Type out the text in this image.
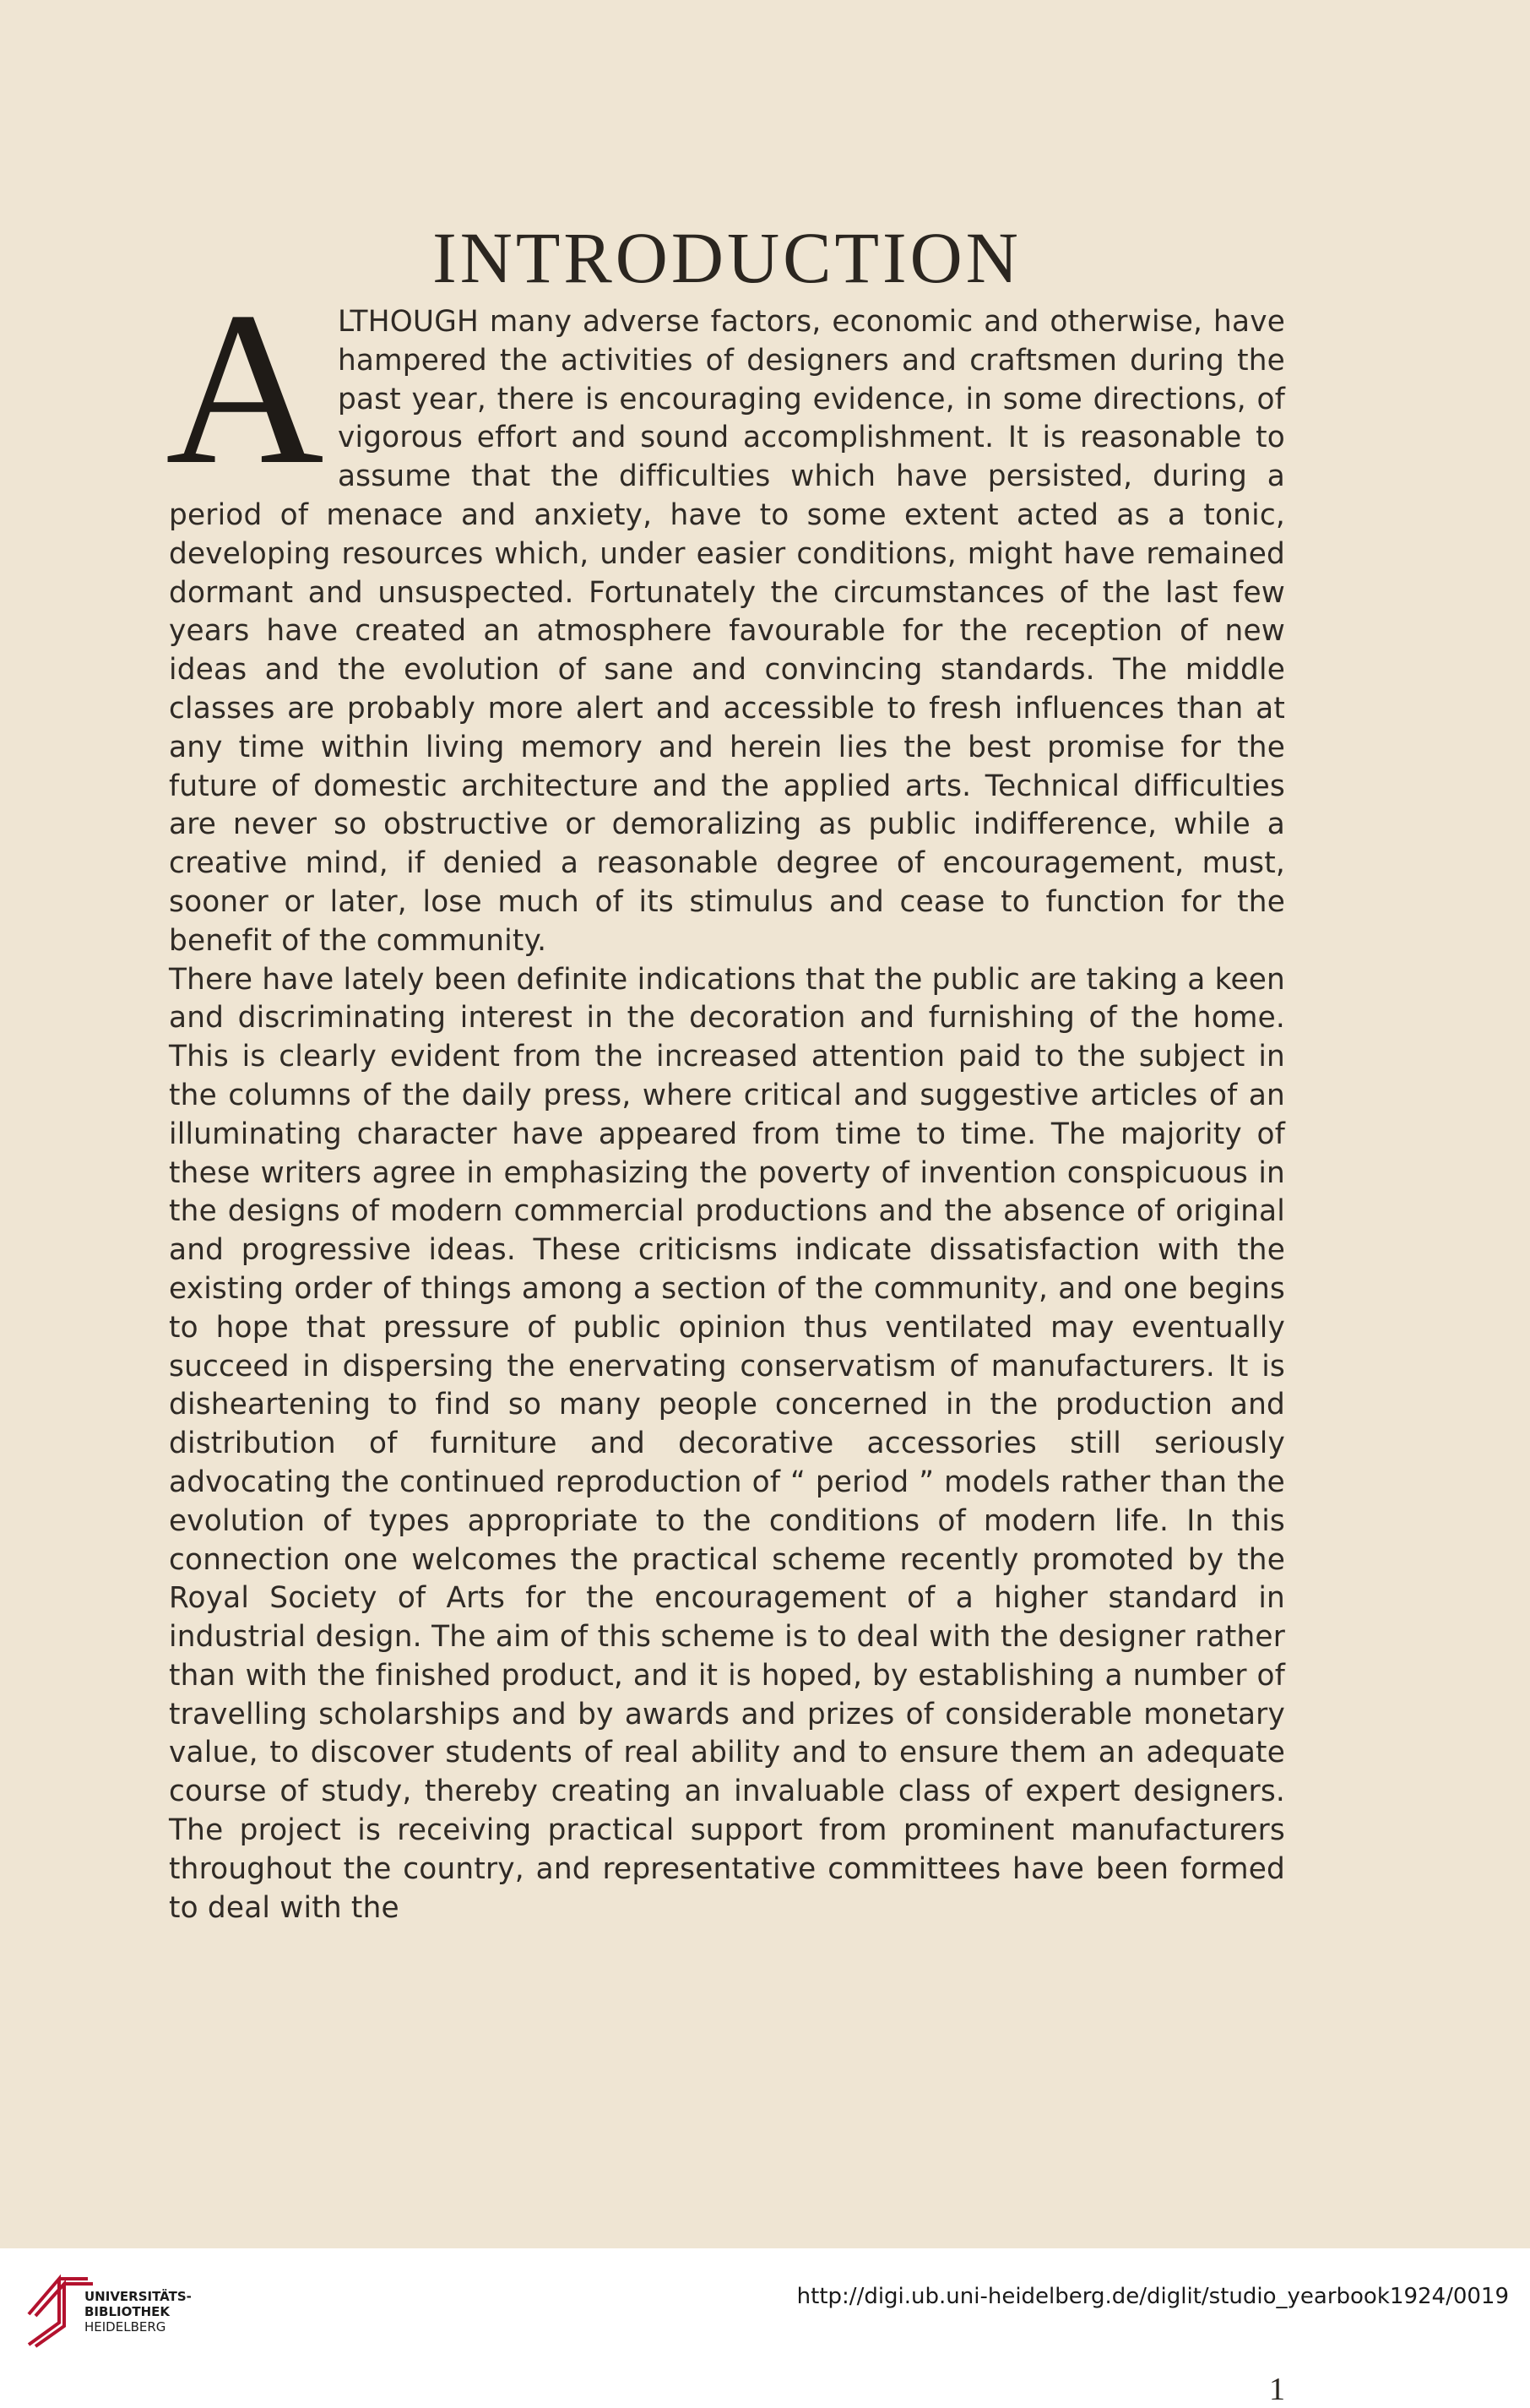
INTRODUCTION

ALTHOUGH many adverse factors, economic and otherwise, have hampered the activities of designers and craftsmen during the past year, there is encouraging evidence, in some directions, of vigorous effort and sound accomplishment. It is reasonable to assume that the difficulties which have persisted, during a period of menace and anxiety, have to some extent acted as a tonic, developing resources which, under easier conditions, might have remained dormant and unsuspected. Fortunately the circumstances of the last few years have created an atmosphere favourable for the reception of new ideas and the evolution of sane and convincing standards. The middle classes are probably more alert and accessible to fresh influences than at any time within living memory and herein lies the best promise for the future of domestic architecture and the applied arts. Technical difficulties are never so obstructive or demoralizing as public indifference, while a creative mind, if denied a reasonable degree of encouragement, must, sooner or later, lose much of its stimulus and cease to function for the benefit of the community.

There have lately been definite indications that the public are taking a keen and discriminating interest in the decoration and furnishing of the home. This is clearly evident from the increased attention paid to the subject in the columns of the daily press, where critical and suggestive articles of an illuminating character have appeared from time to time. The majority of these writers agree in emphasizing the poverty of invention conspicuous in the designs of modern commercial productions and the absence of original and progressive ideas. These criticisms indicate dissatisfaction with the existing order of things among a section of the community, and one begins to hope that pressure of public opinion thus ventilated may eventually succeed in dispersing the enervating conservatism of manufacturers. It is disheartening to find so many people concerned in the production and distribution of furniture and decorative accessories still seriously advocating the continued reproduction of “ period ” models rather than the evolution of types appropriate to the conditions of modern life. In this connection one welcomes the practical scheme recently promoted by the Royal Society of Arts for the encouragement of a higher standard in industrial design. The aim of this scheme is to deal with the designer rather than with the finished product, and it is hoped, by establishing a number of travelling scholarships and by awards and prizes of considerable monetary value, to discover students of real ability and to ensure them an adequate course of study, thereby creating an invaluable class of expert designers. The project is receiving practical support from prominent manufacturers throughout the country, and representative committees have been formed to deal with the

1
UNIVERSITÄTS-
BIBLIOTHEK
HEIDELBERG
http://digi.ub.uni-heidelberg.de/diglit/studio_yearbook1924/0019
